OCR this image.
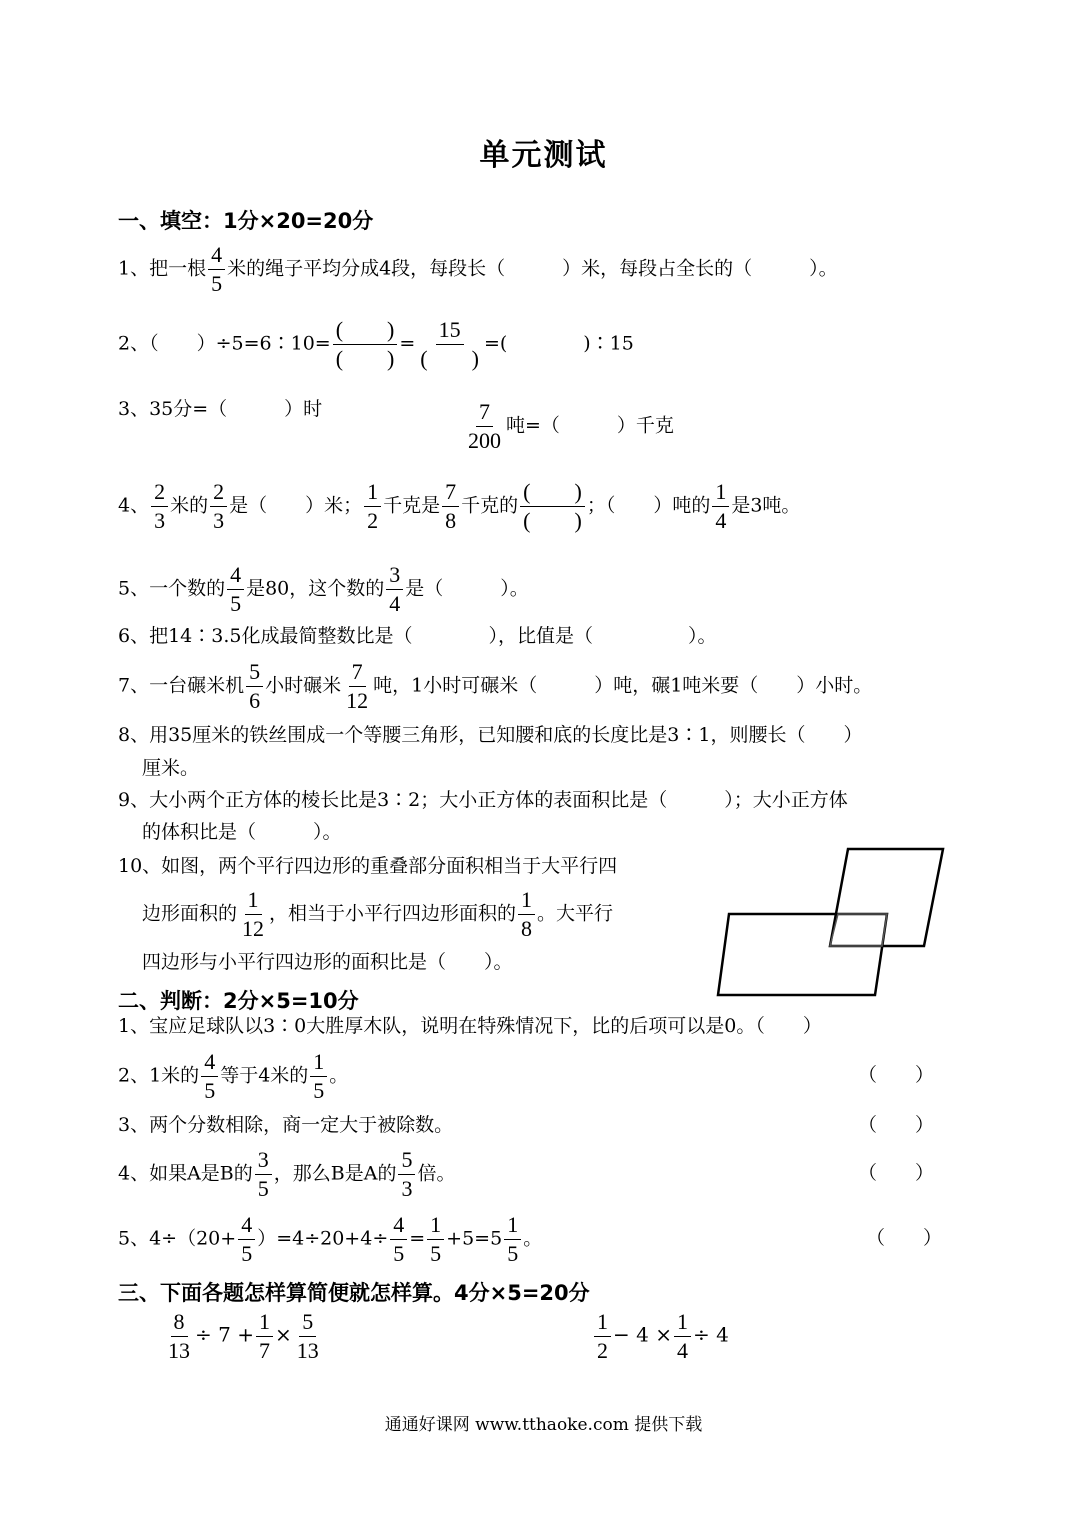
单元测试
一、填空：1分×20=20分
1、把一根 $\frac{4}{5}$ 米的绳子平均分成4段，每段长（　　　）米，每段占全长的（　　　）。
2、（　　）÷5=6∶10=
(　　)
(　　)
=
15
(　　)
=(　　　　)∶15
3、35分=（　　　）时	$\frac{7}{200}$ 吨=（　　　）千克
4、 $\frac{2}{3}$ 米的 $\frac{2}{3}$ 是（　　）米； $\frac{1}{2}$ 千克是 $\frac{7}{8}$ 千克的
(　　)
(　　)
；（　　）吨的 $\frac{1}{4}$ 是3吨。
5、一个数的 $\frac{4}{5}$ 是80，这个数的 $\frac{3}{4}$ 是（　　　）。
6、把14∶3.5化成最简整数比是（　　　　），比值是（　　　　　）。
7、一台碾米机 $\frac{5}{6}$ 小时碾米 $\frac{7}{12}$ 吨，1小时可碾米（　　　）吨，碾1吨米要（　　）小时。
8、用35厘米的铁丝围成一个等腰三角形，已知腰和底的长度比是3∶1，则腰长（　　）
厘米。
9、大小两个正方体的棱长比是3∶2；大小正方体的表面积比是（　　　）；大小正方体
的体积比是（　　　）。
10、如图，两个平行四边形的重叠部分面积相当于大平行四
边形面积的 $\frac{1}{12}$ ，相当于小平行四边形面积的 $\frac{1}{8}$ 。大平行
四边形与小平行四边形的面积比是（　　）。
二、判断：2分×5=10分
1、宝应足球队以3∶0大胜厚木队，说明在特殊情况下，比的后项可以是0。（　　）
2、1米的 $\frac{4}{5}$ 等于4米的 $\frac{1}{5}$ 。	（　　）
3、两个分数相除，商一定大于被除数。	（　　）
4、如果A是B的 $\frac{3}{5}$ ，那么B是A的 $\frac{5}{3}$ 倍。	（　　）
5、$4\div(20+ \frac{4}{5} )=4\div 20+4\div \frac{4}{5} = \frac{1}{5} +5=5 \frac{1}{5}$ 。	（　　）
三、下面各题怎样算简便就怎样算。4分×5=20分
$\frac{8}{13} \div 7 + \frac{1}{7} \times \frac{5}{13}$	$\frac{1}{2} - 4 \times \frac{1}{4} \div 4$
通通好课网 www.tthaoke.com 提供下载
